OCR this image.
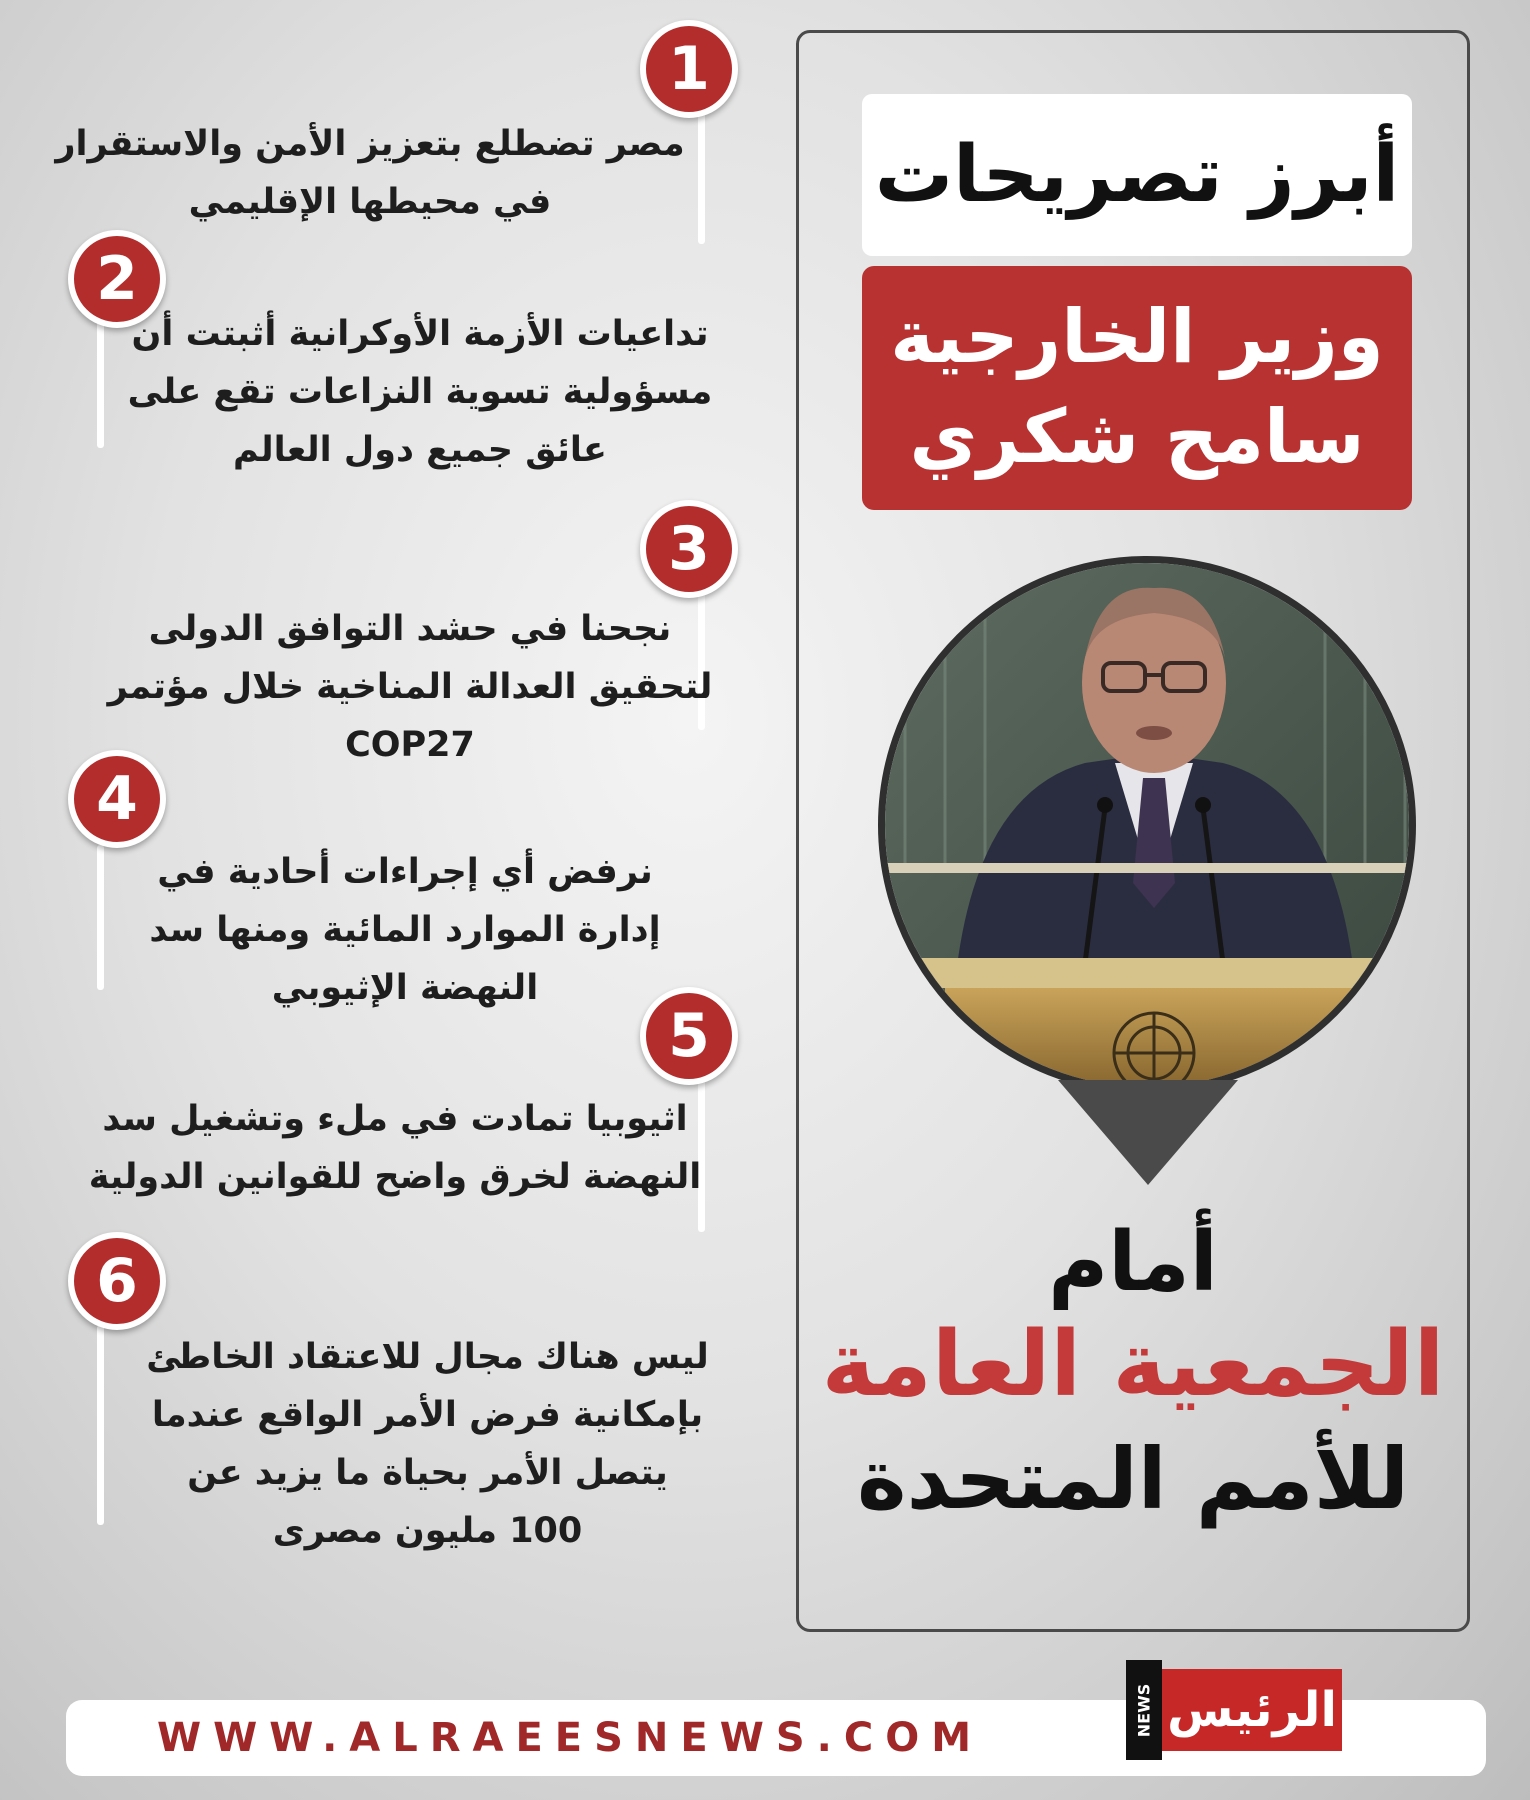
أبرز تصريحات
وزير الخارجية
سامح شكري
أمام
الجمعية العامة
للأمم المتحدة
1
مصر تضطلع بتعزيز الأمن والاستقرار في محيطها الإقليمي
2
تداعيات الأزمة الأوكرانية أثبتت أن مسؤولية تسوية النزاعات تقع على عائق جميع دول العالم
3
نجحنا في حشد التوافق الدولى لتحقيق العدالة المناخية خلال مؤتمر COP27
4
نرفض أي إجراءات أحادية في إدارة الموارد المائية ومنها سد النهضة الإثيوبي
5
اثيوبيا تمادت في ملء وتشغيل سد النهضة لخرق واضح للقوانين الدولية
6
ليس هناك مجال للاعتقاد الخاطئ بإمكانية فرض الأمر الواقع عندما يتصل الأمر بحياة ما يزيد عن 100 مليون مصرى
WWW.ALRAEESNEWS.COM
NEWS الرئيس
